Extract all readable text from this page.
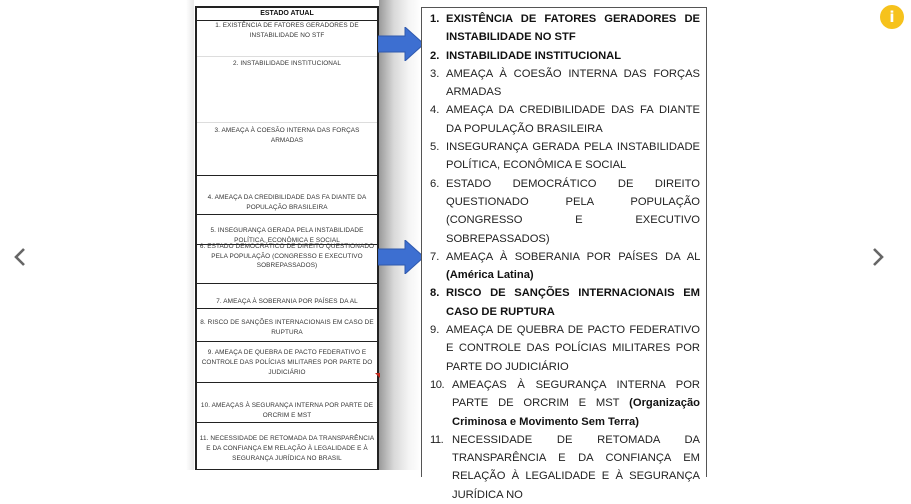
i
ESTADO ATUAL
1. EXISTÊNCIA DE FATORES GERADORES DE INSTABILIDADE NO STF
2. INSTABILIDADE INSTITUCIONAL
3. AMEAÇA À COESÃO INTERNA DAS FORÇAS ARMADAS
4. AMEAÇA DA CREDIBILIDADE DAS FA DIANTE DA POPULAÇÃO BRASILEIRA
5. INSEGURANÇA GERADA PELA INSTABILIDADE POLÍTICA, ECONÔMICA E SOCIAL
6. ESTADO DEMOCRÁTICO DE DIREITO QUESTIONADO PELA POPULAÇÃO (CONGRESSO E EXECUTIVO SOBREPASSADOS)
7. AMEAÇA À SOBERANIA POR PAÍSES DA AL
8. RISCO DE SANÇÕES INTERNACIONAIS EM CASO DE RUPTURA
9. AMEAÇA DE QUEBRA DE PACTO FEDERATIVO E CONTROLE DAS POLÍCIAS MILITARES POR PARTE DO JUDICIÁRIO
10. AMEAÇAS À SEGURANÇA INTERNA POR PARTE DE ORCRIM E MST
11. NECESSIDADE DE RETOMADA DA TRANSPARÊNCIA E DA CONFIANÇA EM RELAÇÃO À LEGALIDADE E À SEGURANÇA JURÍDICA NO BRASIL
1. EXISTÊNCIA DE FATORES GERADORES DE INSTABILIDADE NO STF
2. INSTABILIDADE INSTITUCIONAL
3. AMEAÇA À COESÃO INTERNA DAS FORÇAS ARMADAS
4. AMEAÇA DA CREDIBILIDADE DAS FA DIANTE DA POPULAÇÃO BRASILEIRA
5. INSEGURANÇA GERADA PELA INSTABILIDADE POLÍTICA, ECONÔMICA E SOCIAL
6. ESTADO DEMOCRÁTICO DE DIREITO QUESTIONADO PELA POPULAÇÃO (CONGRESSO E EXECUTIVO SOBREPASSADOS)
7. AMEAÇA À SOBERANIA POR PAÍSES DA AL (América Latina)
8. RISCO DE SANÇÕES INTERNACIONAIS EM CASO DE RUPTURA
9. AMEAÇA DE QUEBRA DE PACTO FEDERATIVO E CONTROLE DAS POLÍCIAS MILITARES POR PARTE DO JUDICIÁRIO
10. AMEAÇAS À SEGURANÇA INTERNA POR PARTE DE ORCRIM E MST (Organização Criminosa e Movimento Sem Terra)
11. NECESSIDADE DE RETOMADA DA TRANSPARÊNCIA E DA CONFIANÇA EM RELAÇÃO À LEGALIDADE E À SEGURANÇA JURÍDICA NO
